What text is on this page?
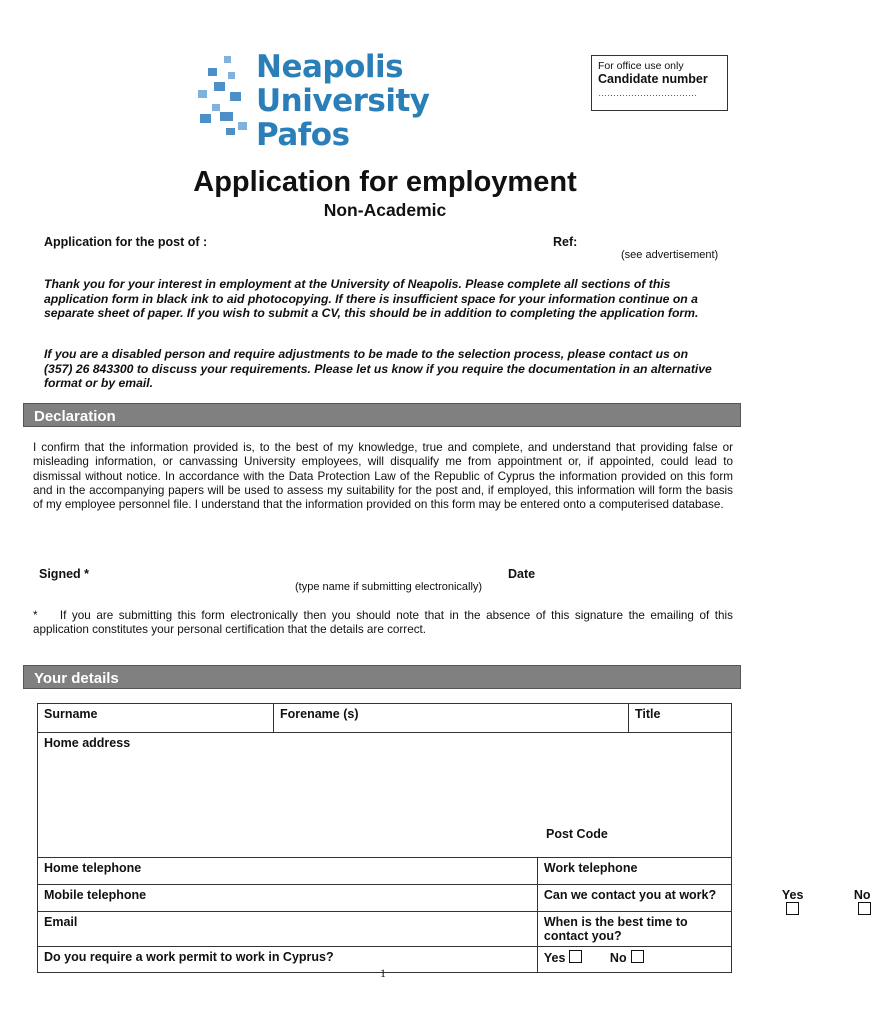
Neapolis
University
Pafos
For office use only
Candidate number
……………………………
Application for employment
Non-Academic
Application for the post of :	Ref:
(see advertisement)
Thank you for your interest in employment at the University of Neapolis. Please complete all sections of this application form in black ink to aid photocopying. If there is insufficient space for your information continue on a separate sheet of paper. If you wish to submit a CV, this should be in addition to completing the application form.
If you are a disabled person and require adjustments to be made to the selection process, please contact us on (357) 26 843300 to discuss your requirements. Please let us know if you require the documentation in an alternative format or by email.
Declaration
I confirm that the information provided is, to the best of my knowledge, true and complete, and understand that providing false or misleading information, or canvassing University employees, will disqualify me from appointment or, if appointed, could lead to dismissal without notice. In accordance with the Data Protection Law of the Republic of Cyprus the information provided on this form and in the accompanying papers will be used to assess my suitability for the post and, if employed, this information will form the basis of my employee personnel file. I understand that the information provided on this form may be entered onto a computerised database.
Signed *
(type name if submitting electronically)
Date
* If you are submitting this form electronically then you should note that in the absence of this signature the emailing of this application constitutes your personal certification that the details are correct.
Your details
Surname	Forename (s)		Title
Home address
Post Code			

Home telephone		Work telephone	
Mobile telephone		Can we contact you at work? Yes No	

Email		When is the best time to contact you?	
Do you require a work permit to work in Cyprus?		Yes No	
1
